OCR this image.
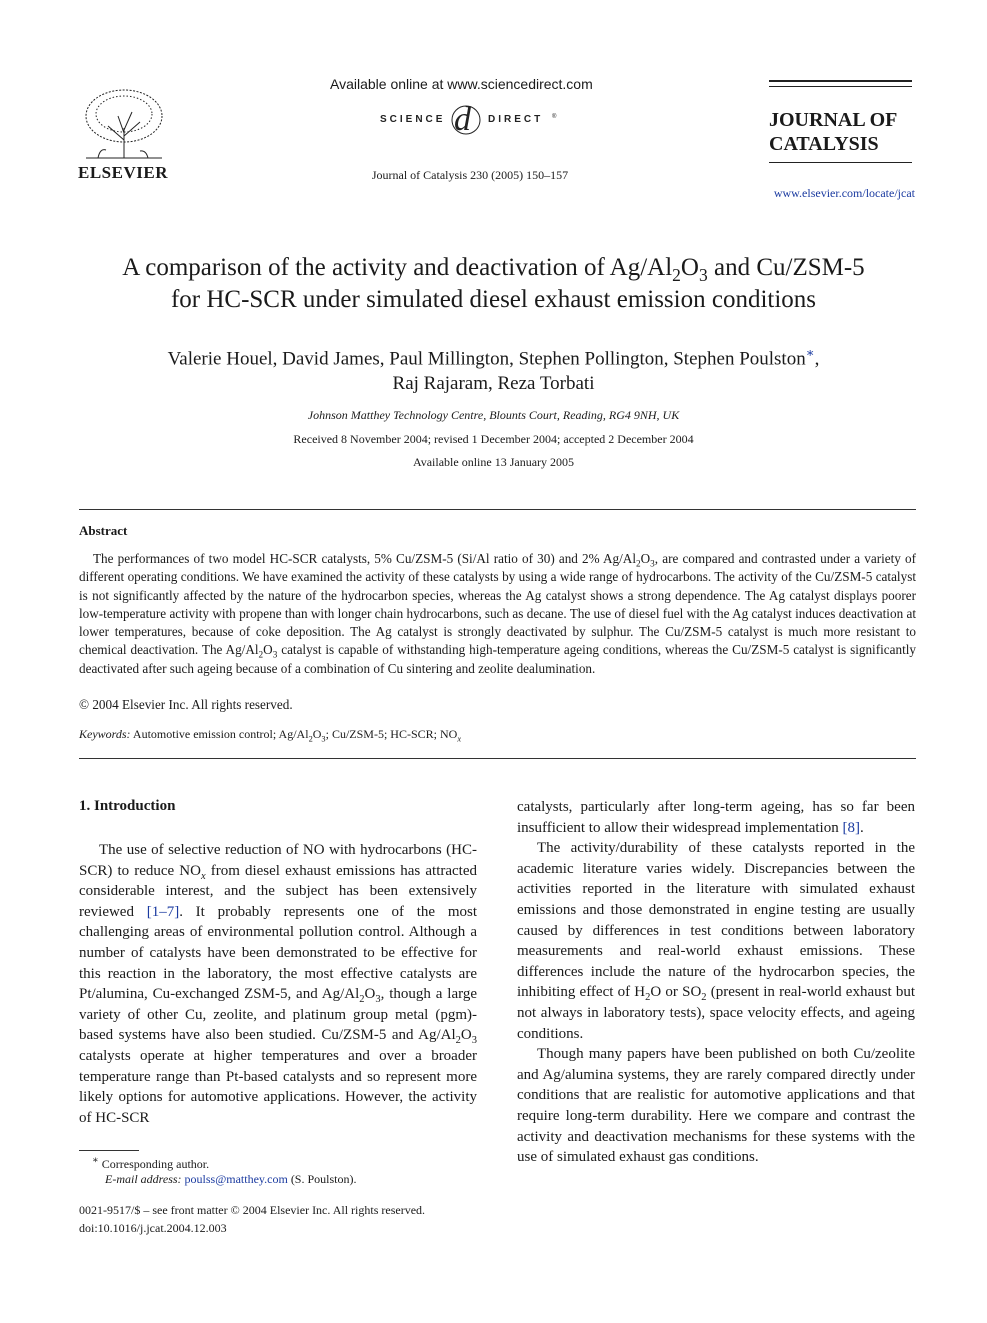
ELSEVIER
Available online at www.sciencedirect.com
SCIENCE d DIRECT ®
Journal of Catalysis 230 (2005) 150–157
JOURNAL OF
CATALYSIS
www.elsevier.com/locate/jcat
A comparison of the activity and deactivation of $Ag/Al_2O_3$ and Cu/ZSM-5
for HC-SCR under simulated diesel exhaust emission conditions
Valerie Houel, David James, Paul Millington, Stephen Pollington, Stephen Poulston∗,
Raj Rajaram, Reza Torbati
Johnson Matthey Technology Centre, Blounts Court, Reading, RG4 9NH, UK
Received 8 November 2004; revised 1 December 2004; accepted 2 December 2004
Available online 13 January 2005
Abstract

The performances of two model HC-SCR catalysts, 5% Cu/ZSM-5 (Si/Al ratio of 30) and 2% $Ag/Al_2O_3$, are compared and contrasted under a variety of different operating conditions. We have examined the activity of these catalysts by using a wide range of hydrocarbons. The activity of the Cu/ZSM-5 catalyst is not significantly affected by the nature of the hydrocarbon species, whereas the Ag catalyst shows a strong dependence. The Ag catalyst displays poorer low-temperature activity with propene than with longer chain hydrocarbons, such as decane. The use of diesel fuel with the Ag catalyst induces deactivation at lower temperatures, because of coke deposition. The Ag catalyst is strongly deactivated by sulphur. The Cu/ZSM-5 catalyst is much more resistant to chemical deactivation. The $Ag/Al_2O_3$ catalyst is capable of withstanding high-temperature ageing conditions, whereas the Cu/ZSM-5 catalyst is significantly deactivated after such ageing because of a combination of Cu sintering and zeolite dealumination.

© 2004 Elsevier Inc. All rights reserved.
Keywords: Automotive emission control; $Ag/Al_2O_3$; Cu/ZSM-5; HC-SCR; $NO_x$
1. Introduction

The use of selective reduction of NO with hydrocarbons (HC-SCR) to reduce $NO_x$ from diesel exhaust emissions has attracted considerable interest, and the subject has been extensively reviewed [1–7]. It probably represents one of the most challenging areas of environmental pollution control. Although a number of catalysts have been demonstrated to be effective for this reaction in the laboratory, the most effective catalysts are Pt/alumina, Cu-exchanged ZSM-5, and $Ag/Al_2O_3$, though a large variety of other Cu, zeolite, and platinum group metal (pgm)-based systems have also been studied. Cu/ZSM-5 and $Ag/Al_2O_3$ catalysts operate at higher temperatures and over a broader temperature range than Pt-based catalysts and so represent more likely options for automotive applications. However, the activity of HC-SCR

catalysts, particularly after long-term ageing, has so far been insufficient to allow their widespread implementation [8].

The activity/durability of these catalysts reported in the academic literature varies widely. Discrepancies between the activities reported in the literature with simulated exhaust emissions and those demonstrated in engine testing are usually caused by differences in test conditions between laboratory measurements and real-world exhaust emissions. These differences include the nature of the hydrocarbon species, the inhibiting effect of $H_2O$ or $SO_2$ (present in real-world exhaust but not always in laboratory tests), space velocity effects, and ageing conditions.

Though many papers have been published on both Cu/zeolite and Ag/alumina systems, they are rarely compared directly under conditions that are realistic for automotive applications and that require long-term durability. Here we compare and contrast the activity and deactivation mechanisms for these systems with the use of simulated exhaust gas conditions.

∗ Corresponding author.
E-mail address: poulss@matthey.com (S. Poulston).
0021-9517/$ – see front matter © 2004 Elsevier Inc. All rights reserved.
doi:10.1016/j.jcat.2004.12.003
